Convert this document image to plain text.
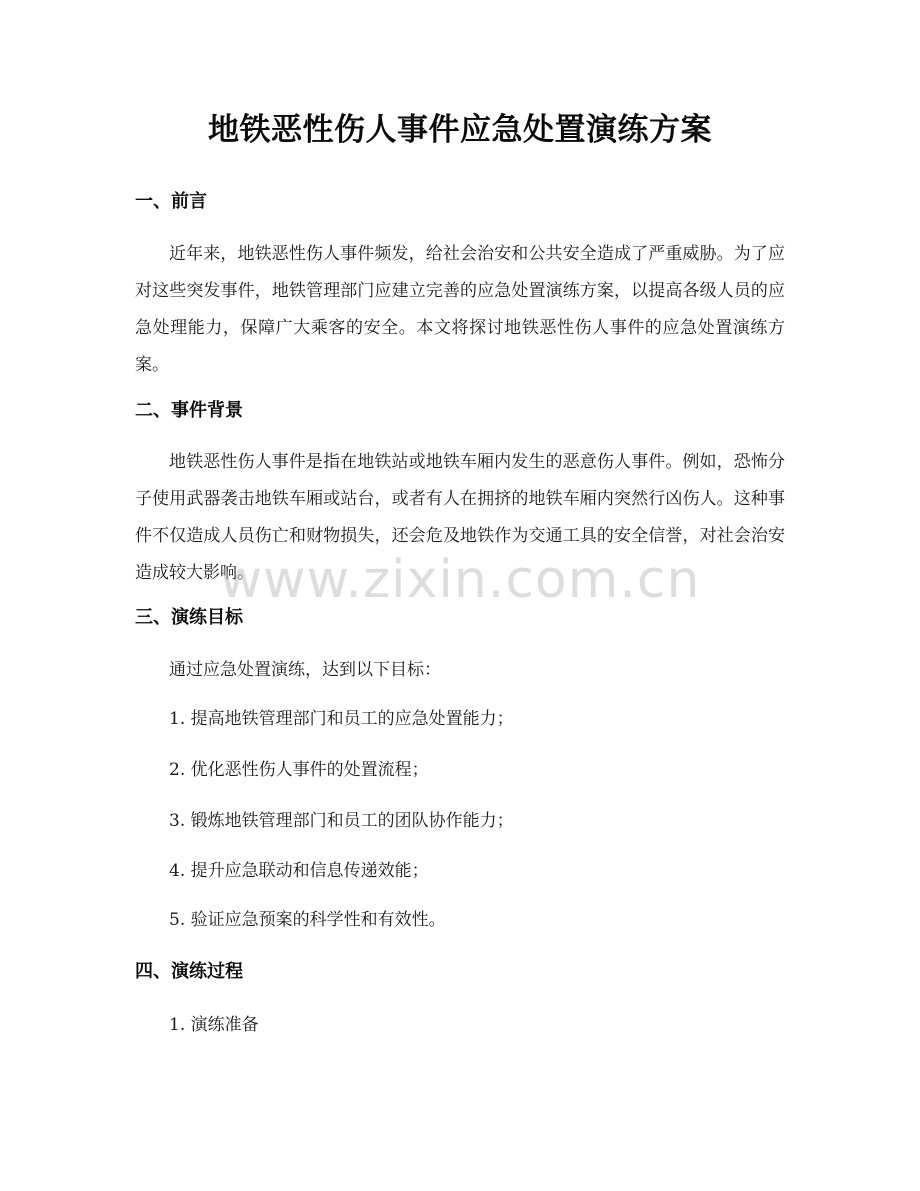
地铁恶性伤人事件应急处置演练方案
一、前言
近年来，地铁恶性伤人事件频发，给社会治安和公共安全造成了严重威胁。为了应对这些突发事件，地铁管理部门应建立完善的应急处置演练方案，以提高各级人员的应急处理能力，保障广大乘客的安全。本文将探讨地铁恶性伤人事件的应急处置演练方案。
二、事件背景
地铁恶性伤人事件是指在地铁站或地铁车厢内发生的恶意伤人事件。例如，恐怖分子使用武器袭击地铁车厢或站台，或者有人在拥挤的地铁车厢内突然行凶伤人。这种事件不仅造成人员伤亡和财物损失，还会危及地铁作为交通工具的安全信誉，对社会治安造成较大影响。
三、演练目标
通过应急处置演练，达到以下目标：
1. 提高地铁管理部门和员工的应急处置能力；
2. 优化恶性伤人事件的处置流程；
3. 锻炼地铁管理部门和员工的团队协作能力；
4. 提升应急联动和信息传递效能；
5. 验证应急预案的科学性和有效性。
四、演练过程
1. 演练准备
www.zixin.com.cn
